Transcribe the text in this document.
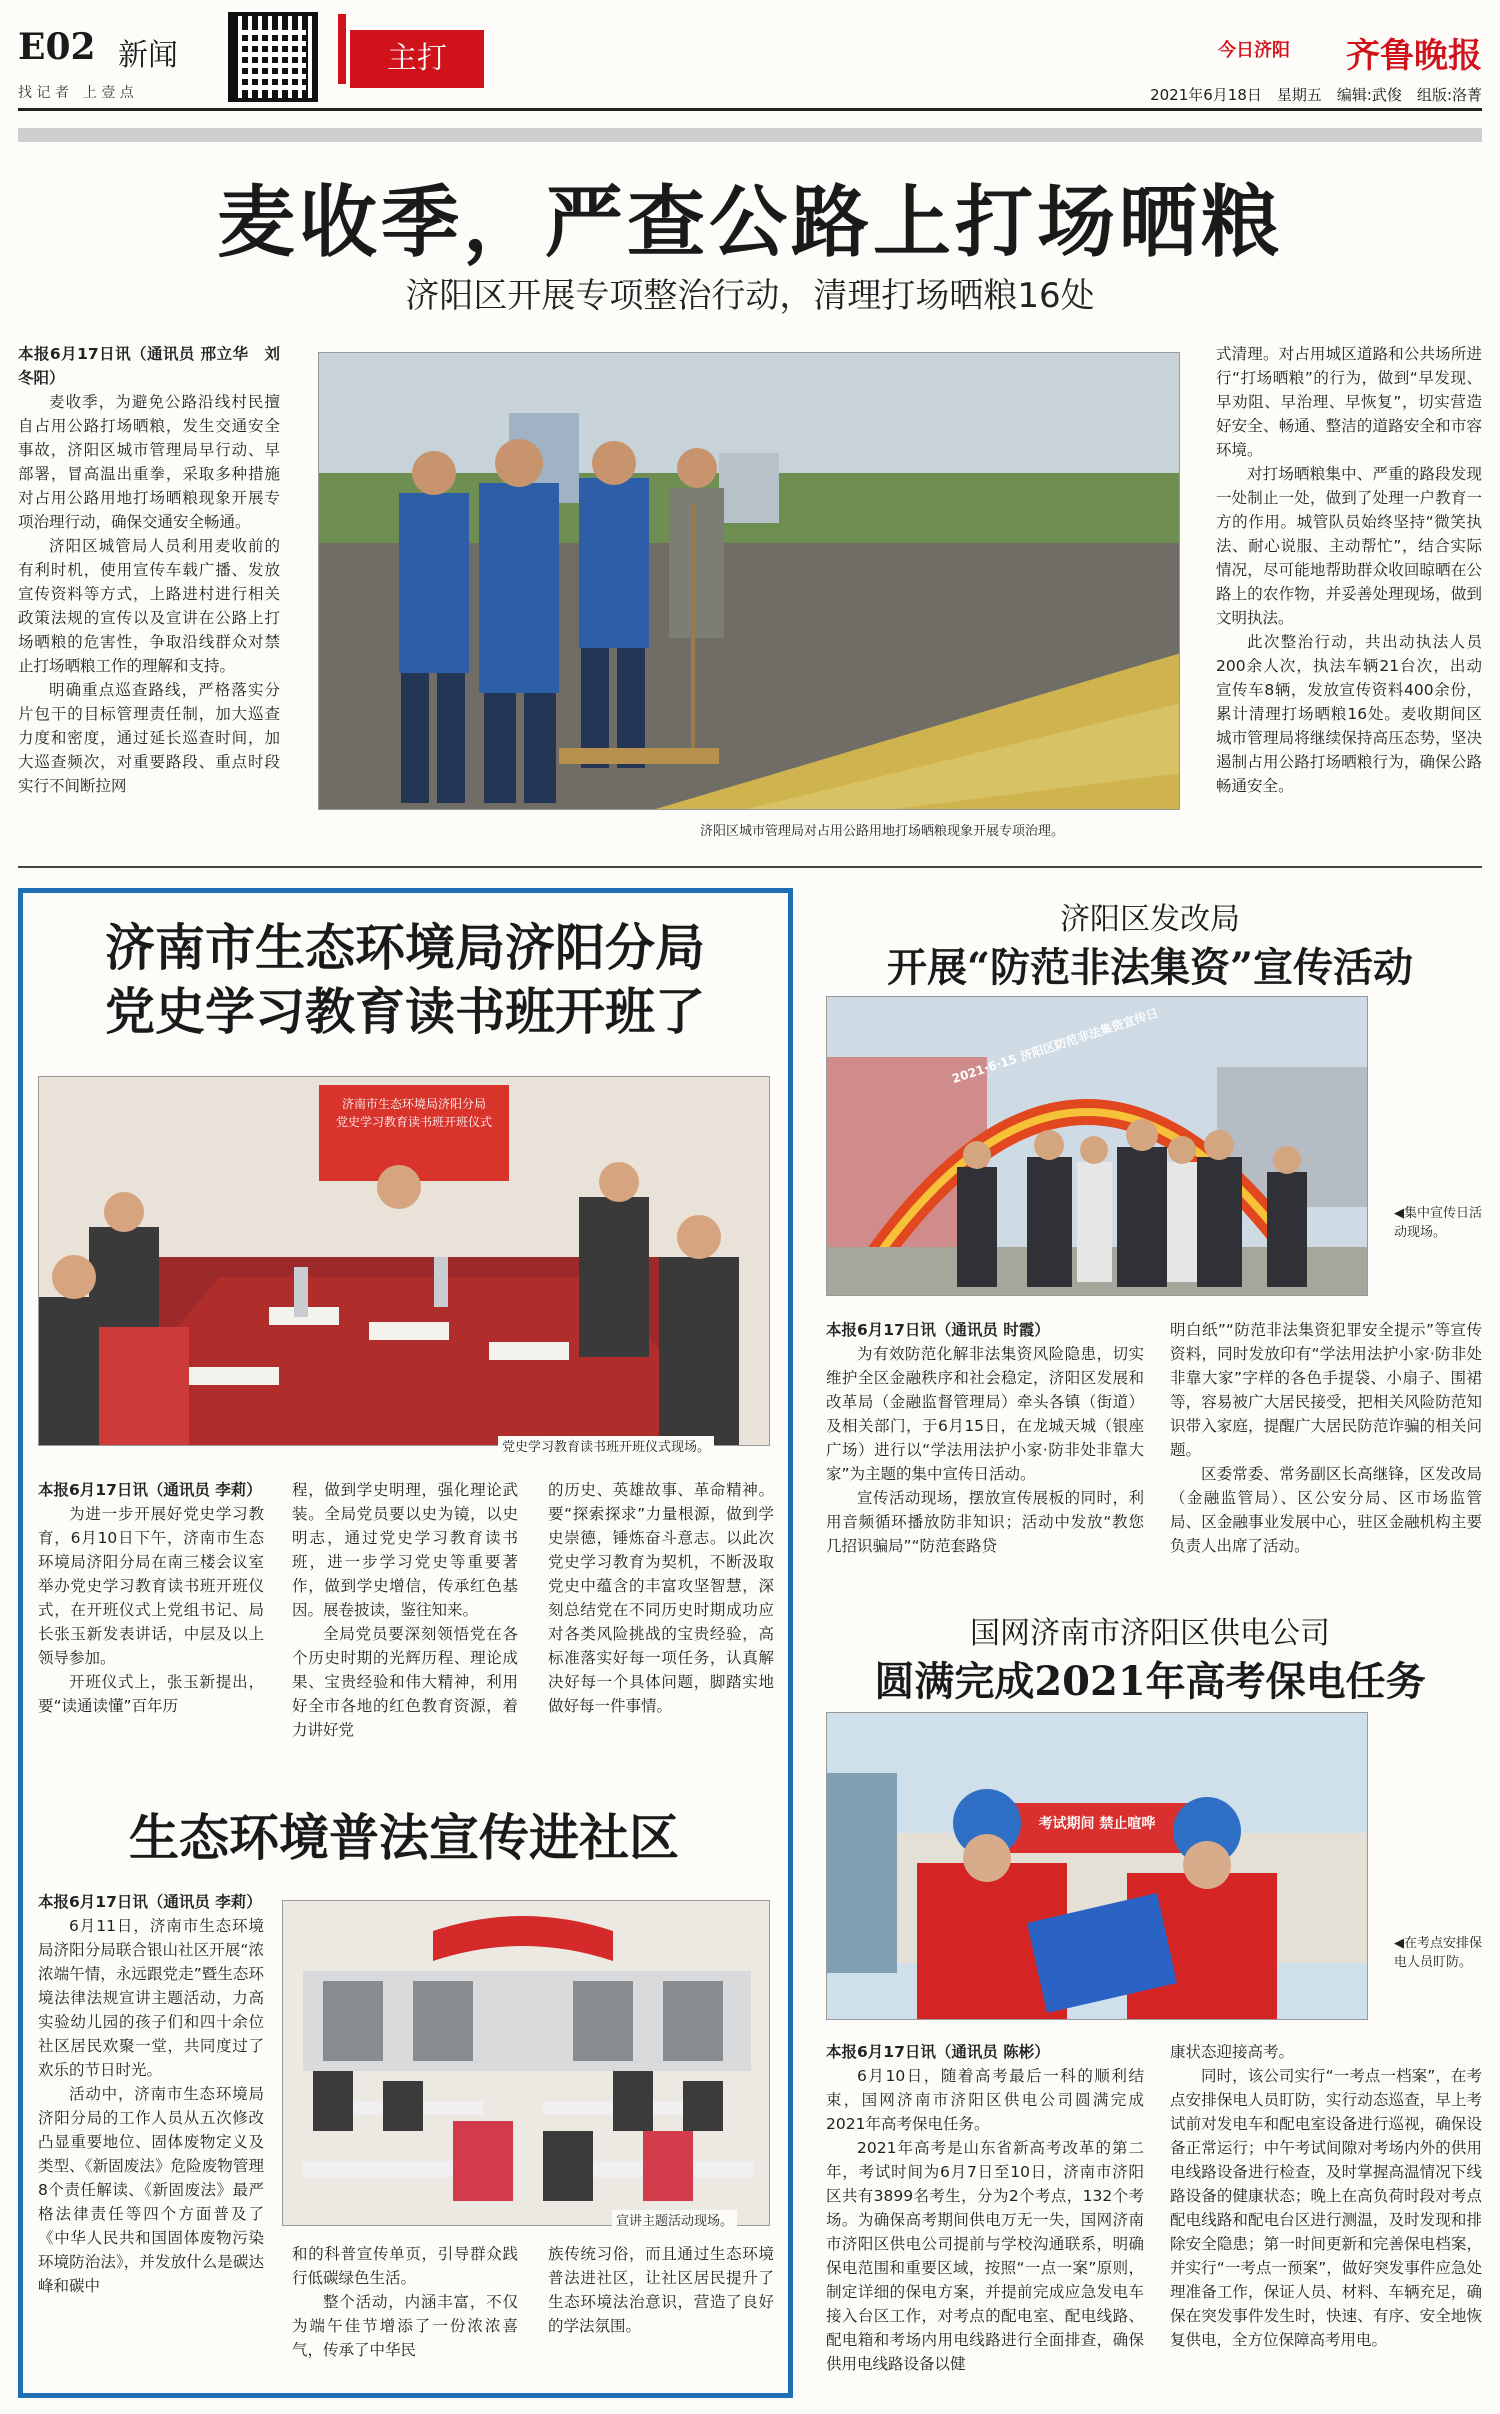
E02 新闻
找 记 者　上 壹 点
主打	今日济阳 齐鲁晚报
2021年6月18日　星期五　编辑:武俊　组版:洛菁
麦收季，严查公路上打场晒粮
济阳区开展专项整治行动，清理打场晒粮16处

本报6月17日讯（通讯员 邢立华　刘冬阳）

麦收季，为避免公路沿线村民擅自占用公路打场晒粮，发生交通安全事故，济阳区城市管理局早行动、早部署，冒高温出重拳，采取多种措施对占用公路用地打场晒粮现象开展专项治理行动，确保交通安全畅通。

济阳区城管局人员利用麦收前的有利时机，使用宣传车载广播、发放宣传资料等方式，上路进村进行相关政策法规的宣传以及宣讲在公路上打场晒粮的危害性，争取沿线群众对禁止打场晒粮工作的理解和支持。

明确重点巡查路线，严格落实分片包干的目标管理责任制，加大巡查力度和密度，通过延长巡查时间，加大巡查频次，对重要路段、重点时段实行不间断拉网

济阳区城市管理局对占用公路用地打场晒粮现象开展专项治理。

式清理。对占用城区道路和公共场所进行“打场晒粮”的行为，做到“早发现、早劝阻、早治理、早恢复”，切实营造好安全、畅通、整洁的道路安全和市容环境。

对打场晒粮集中、严重的路段发现一处制止一处，做到了处理一户教育一方的作用。城管队员始终坚持“微笑执法、耐心说服、主动帮忙”，结合实际情况，尽可能地帮助群众收回晾晒在公路上的农作物，并妥善处理现场，做到文明执法。

此次整治行动，共出动执法人员200余人次，执法车辆21台次，出动宣传车8辆，发放宣传资料400余份，累计清理打场晒粮16处。麦收期间区城市管理局将继续保持高压态势，坚决遏制占用公路打场晒粮行为，确保公路畅通安全。

济南市生态环境局济阳分局
党史学习教育读书班开班了
济南市生态环境局济阳分局
党史学习教育读书班开班仪式
党史学习教育读书班开班仪式现场。

本报6月17日讯（通讯员 李莉）

为进一步开展好党史学习教育，6月10日下午，济南市生态环境局济阳分局在南三楼会议室举办党史学习教育读书班开班仪式，在开班仪式上党组书记、局长张玉新发表讲话，中层及以上领导参加。

开班仪式上，张玉新提出，要“读通读懂”百年历

程，做到学史明理，强化理论武装。全局党员要以史为镜，以史明志，通过党史学习教育读书班，进一步学习党史等重要著作，做到学史增信，传承红色基因。展卷披读，鉴往知来。

全局党员要深刻领悟党在各个历史时期的光辉历程、理论成果、宝贵经验和伟大精神，利用好全市各地的红色教育资源，着力讲好党

的历史、英雄故事、革命精神。要“探索探求”力量根源，做到学史崇德，锤炼奋斗意志。以此次党史学习教育为契机，不断汲取党史中蕴含的丰富攻坚智慧，深刻总结党在不同历史时期成功应对各类风险挑战的宝贵经验，高标准落实好每一项任务，认真解决好每一个具体问题，脚踏实地做好每一件事情。

生态环境普法宣传进社区

本报6月17日讯（通讯员 李莉）

6月11日，济南市生态环境局济阳分局联合银山社区开展“浓浓端午情，永远跟党走”暨生态环境法律法规宣讲主题活动，力高实验幼儿园的孩子们和四十余位社区居民欢聚一堂，共同度过了欢乐的节日时光。

活动中，济南市生态环境局济阳分局的工作人员从五次修改凸显重要地位、固体废物定义及类型、《新固废法》危险废物管理8个责任解读、《新固废法》最严格法律责任等四个方面普及了《中华人民共和国固体废物污染环境防治法》，并发放什么是碳达峰和碳中

宣讲主题活动现场。

和的科普宣传单页，引导群众践行低碳绿色生活。

整个活动，内涵丰富，不仅为端午佳节增添了一份浓浓喜气，传承了中华民

族传统习俗，而且通过生态环境普法进社区，让社区居民提升了生态环境法治意识，营造了良好的学法氛围。

济阳区发改局
开展“防范非法集资”宣传活动
2021·6·15 济阳区防范非法集资宣传日
◀集中宣传日活动现场。

本报6月17日讯（通讯员 时霞）

为有效防范化解非法集资风险隐患，切实维护全区金融秩序和社会稳定，济阳区发展和改革局（金融监督管理局）牵头各镇（街道）及相关部门，于6月15日，在龙城天城（银座广场）进行以“学法用法护小家·防非处非靠大家”为主题的集中宣传日活动。

宣传活动现场，摆放宣传展板的同时，利用音频循环播放防非知识；活动中发放“教您几招识骗局”“防范套路贷

明白纸”“防范非法集资犯罪安全提示”等宣传资料，同时发放印有“学法用法护小家·防非处非靠大家”字样的各色手提袋、小扇子、围裙等，容易被广大居民接受，把相关风险防范知识带入家庭，提醒广大居民防范诈骗的相关问题。

区委常委、常务副区长高继锋，区发改局（金融监管局）、区公安分局、区市场监管局、区金融事业发展中心，驻区金融机构主要负责人出席了活动。

国网济南市济阳区供电公司
圆满完成2021年高考保电任务
考试期间 禁止喧哗
◀在考点安排保电人员盯防。

本报6月17日讯（通讯员 陈彬）

6月10日，随着高考最后一科的顺利结束，国网济南市济阳区供电公司圆满完成2021年高考保电任务。

2021年高考是山东省新高考改革的第二年，考试时间为6月7日至10日，济南市济阳区共有3899名考生，分为2个考点，132个考场。为确保高考期间供电万无一失，国网济南市济阳区供电公司提前与学校沟通联系，明确保电范围和重要区域，按照“一点一案”原则，制定详细的保电方案，并提前完成应急发电车接入台区工作，对考点的配电室、配电线路、配电箱和考场内用电线路进行全面排查，确保供用电线路设备以健

康状态迎接高考。

同时，该公司实行“一考点一档案”，在考点安排保电人员盯防，实行动态巡查，早上考试前对发电车和配电室设备进行巡视，确保设备正常运行；中午考试间隙对考场内外的供用电线路设备进行检查，及时掌握高温情况下线路设备的健康状态；晚上在高负荷时段对考点配电线路和配电台区进行测温，及时发现和排除安全隐患；第一时间更新和完善保电档案，并实行“一考点一预案”，做好突发事件应急处理准备工作，保证人员、材料、车辆充足，确保在突发事件发生时，快速、有序、安全地恢复供电，全方位保障高考用电。
